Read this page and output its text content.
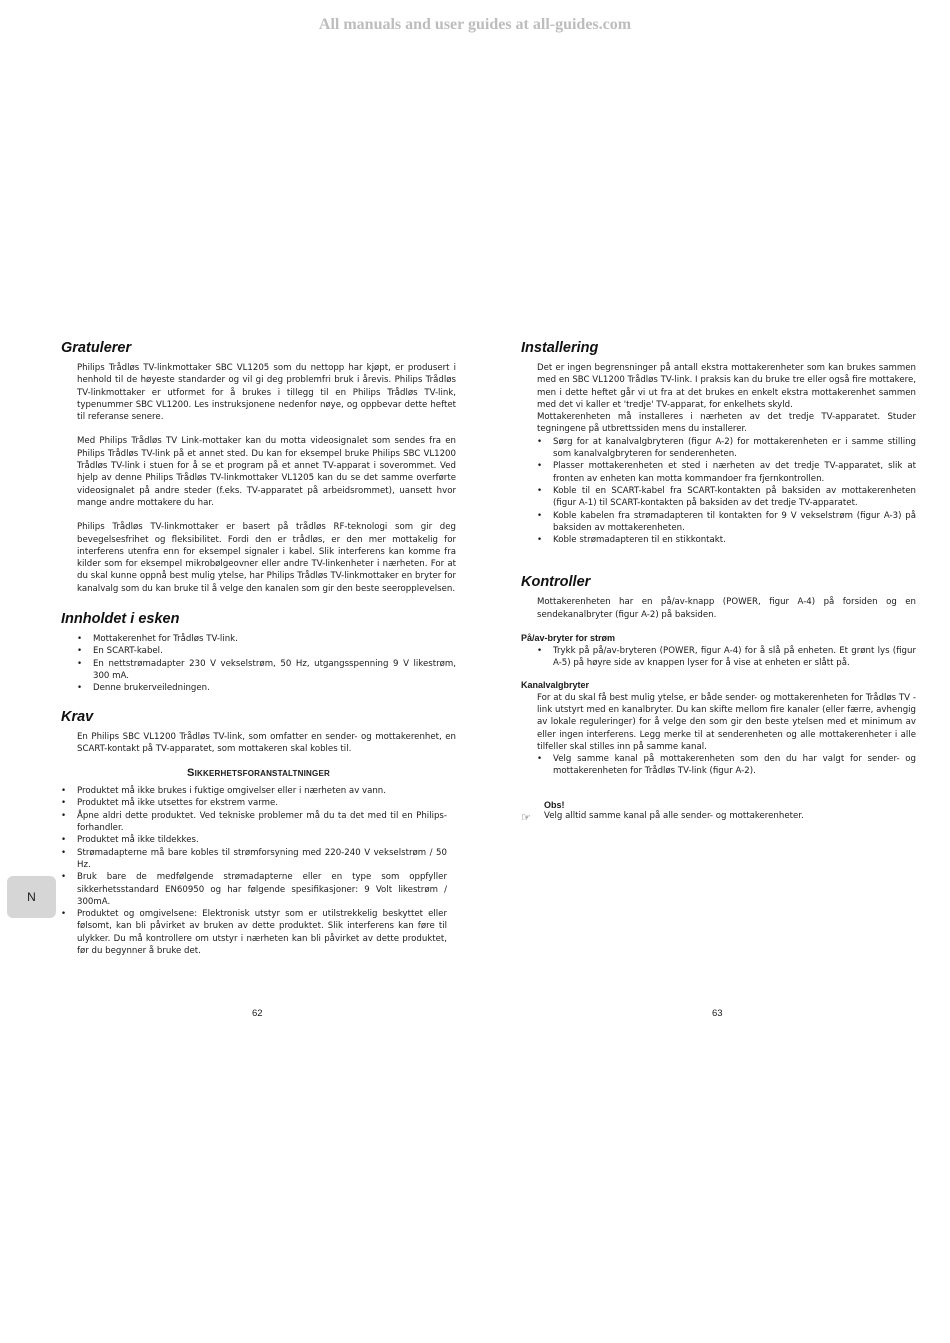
All manuals and user guides at all-guides.com
Gratulerer

Philips Trådløs TV-linkmottaker SBC VL1205 som du nettopp har kjøpt, er produsert i henhold til de høyeste standarder og vil gi deg problemfri bruk i årevis. Philips Trådløs TV-linkmottaker er utformet for å brukes i tillegg til en Philips Trådløs TV-link, typenummer SBC VL1200. Les instruksjonene nedenfor nøye, og oppbevar dette heftet til referanse senere.

Med Philips Trådløs TV Link-mottaker kan du motta videosignalet som sendes fra en Philips Trådløs TV-link på et annet sted. Du kan for eksempel bruke Philips SBC VL1200 Trådløs TV-link i stuen for å se et program på et annet TV-apparat i soverommet. Ved hjelp av denne Philips Trådløs TV-linkmottaker VL1205 kan du se det samme overførte videosignalet på andre steder (f.eks. TV-apparatet på arbeidsrommet), uansett hvor mange andre mottakere du har.

Philips Trådløs TV-linkmottaker er basert på trådløs RF-teknologi som gir deg bevegelsesfrihet og fleksibilitet. Fordi den er trådløs, er den mer mottakelig for interferens utenfra enn for eksempel signaler i kabel. Slik interferens kan komme fra kilder som for eksempel mikrobølgeovner eller andre TV-linkenheter i nærheten. For at du skal kunne oppnå best mulig ytelse, har Philips Trådløs TV-linkmottaker en bryter for kanalvalg som du kan bruke til å velge den kanalen som gir den beste seeropplevelsen.

Innholdet i esken
• Mottakerenhet for Trådløs TV-link.
• En SCART-kabel.
• En nettstrømadapter 230 V vekselstrøm, 50 Hz, utgangsspenning 9 V likestrøm, 300 mA.
• Denne brukerveiledningen.
Krav

En Philips SBC VL1200 Trådløs TV-link, som omfatter en sender- og mottakerenhet, en SCART-kontakt på TV-apparatet, som mottakeren skal kobles til.

Sikkerhetsforanstaltninger
• Produktet må ikke brukes i fuktige omgivelser eller i nærheten av vann.
• Produktet må ikke utsettes for ekstrem varme.
• Åpne aldri dette produktet. Ved tekniske problemer må du ta det med til en Philips-forhandler.
• Produktet må ikke tildekkes.
• Strømadapterne må bare kobles til strømforsyning med 220-240 V vekselstrøm / 50 Hz.
• Bruk bare de medfølgende strømadapterne eller en type som oppfyller sikkerhetsstandard EN60950 og har følgende spesifikasjoner: 9 Volt likestrøm / 300mA.
• Produktet og omgivelsene: Elektronisk utstyr som er utilstrekkelig beskyttet eller følsomt, kan bli påvirket av bruken av dette produktet. Slik interferens kan føre til ulykker. Du må kontrollere om utstyr i nærheten kan bli påvirket av dette produktet, før du begynner å bruke det.
N
62
Installering

Det er ingen begrensninger på antall ekstra mottakerenheter som kan brukes sammen med en SBC VL1200 Trådløs TV-link. I praksis kan du bruke tre eller også fire mottakere, men i dette heftet går vi ut fra at det brukes en enkelt ekstra mottakerenhet sammen med det vi kaller et 'tredje' TV-apparat, for enkelhets skyld.

Mottakerenheten må installeres i nærheten av det tredje TV-apparatet. Studer tegningene på utbrettssiden mens du installerer.

• Sørg for at kanalvalgbryteren (figur A-2) for mottakerenheten er i samme stilling som kanalvalgbryteren for senderenheten.
• Plasser mottakerenheten et sted i nærheten av det tredje TV-apparatet, slik at fronten av enheten kan motta kommandoer fra fjernkontrollen.
• Koble til en SCART-kabel fra SCART-kontakten på baksiden av mottakerenheten (figur A-1) til SCART-kontakten på baksiden av det tredje TV-apparatet.
• Koble kabelen fra strømadapteren til kontakten for 9 V vekselstrøm (figur A-3) på baksiden av mottakerenheten.
• Koble strømadapteren til en stikkontakt.
Kontroller

Mottakerenheten har en på/av-knapp (POWER, figur A-4) på forsiden og en sendekanalbryter (figur A-2) på baksiden.

På/av-bryter for strøm
• Trykk på på/av-bryteren (POWER, figur A-4) for å slå på enheten. Et grønt lys (figur A-5) på høyre side av knappen lyser for å vise at enheten er slått på.
Kanalvalgbryter

For at du skal få best mulig ytelse, er både sender- og mottakerenheten for Trådløs TV -link utstyrt med en kanalbryter. Du kan skifte mellom fire kanaler (eller færre, avhengig av lokale reguleringer) for å velge den som gir den beste ytelsen med et minimum av eller ingen interferens. Legg merke til at senderenheten og alle mottakerenheter i alle tilfeller skal stilles inn på samme kanal.

• Velg samme kanal på mottakerenheten som den du har valgt for sender- og mottakerenheten for Trådløs TV-link (figur A-2).
Obs!
☞	Velg alltid samme kanal på alle sender- og mottakerenheter.
63
